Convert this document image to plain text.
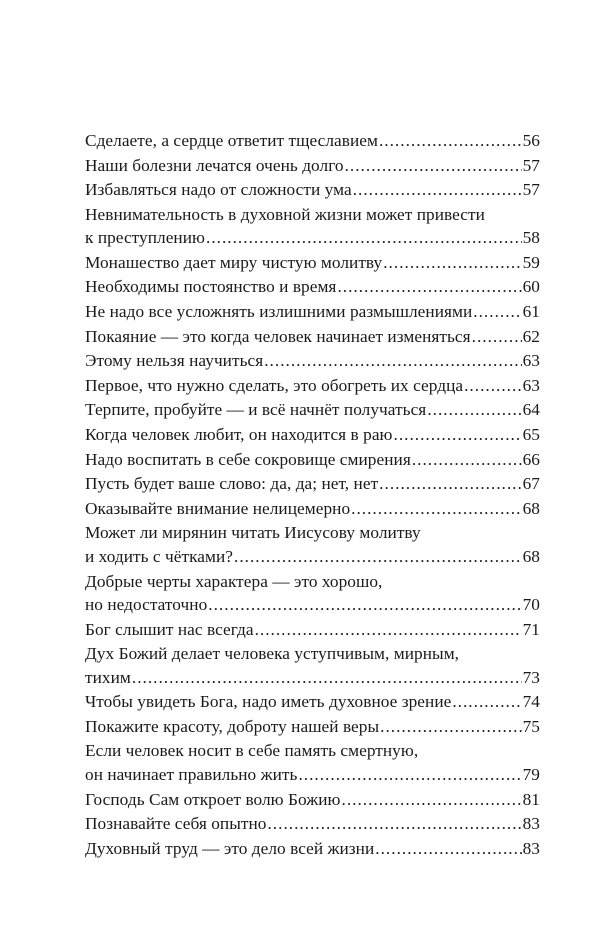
Сделаете, а сердце ответит тщеславием .....	56
Наши болезни лечатся очень долго .....	57
Избавляться надо от сложности ума .....	57
Невнимательность в духовной жизни может привести
к преступлению .....	58
Монашество дает миру чистую молитву .....	59
Необходимы постоянство и время .....	60
Не надо все усложнять излишними размышлениями .....	61
Покаяние — это когда человек начинает изменяться .....	62
Этому нельзя научиться .....	63
Первое, что нужно сделать, это обогреть их сердца .....	63
Терпите, пробуйте — и всё начнёт получаться .....	64
Когда человек любит, он находится в раю .....	65
Надо воспитать в себе сокровище смирения .....	66
Пусть будет ваше слово: да, да; нет, нет .....	67
Оказывайте внимание нелицемерно .....	68
Может ли мирянин читать Иисусову молитву
и ходить с чётками? .....	68
Добрые черты характера — это хорошо,
но недостаточно .....	70
Бог слышит нас всегда .....	71
Дух Божий делает человека уступчивым, мирным,
тихим .....	73
Чтобы увидеть Бога, надо иметь духовное зрение .....	74
Покажите красоту, доброту нашей веры .....	75
Если человек носит в себе память смертную,
он начинает правильно жить .....	79
Господь Сам откроет волю Божию .....	81
Познавайте себя опытно .....	83
Духовный труд — это дело всей жизни .....	83
